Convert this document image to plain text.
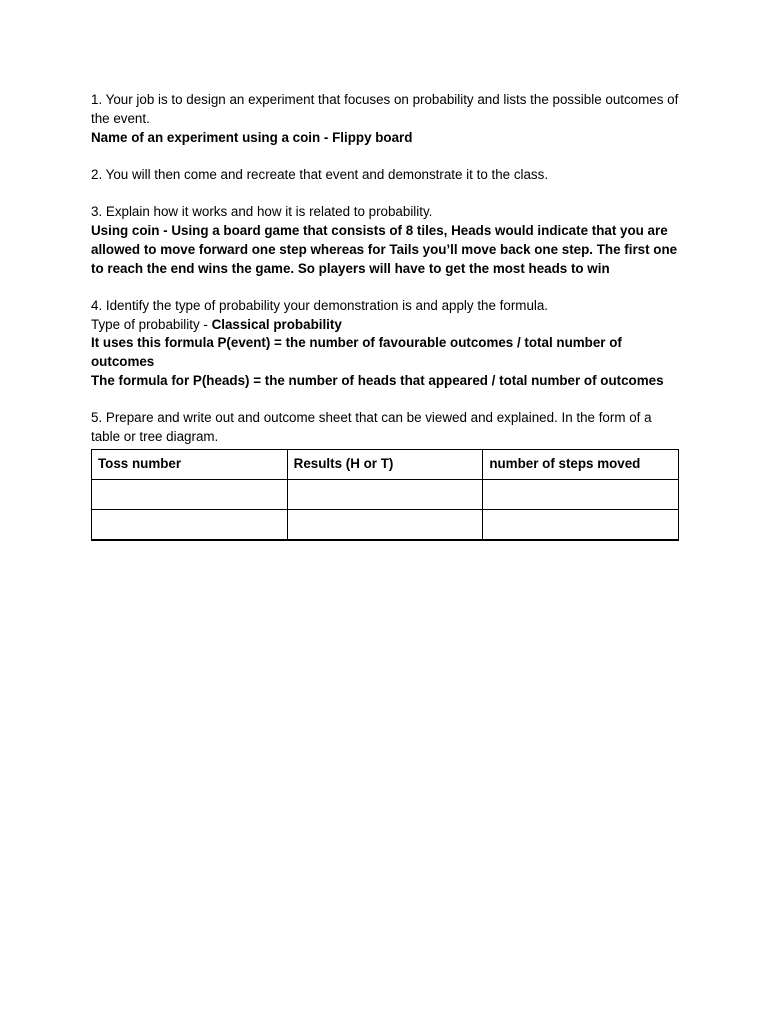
1. Your job is to design an experiment that focuses on probability and lists the possible outcomes of the event.

Name of an experiment using a coin - Flippy board

2. You will then come and recreate that event and demonstrate it to the class.

3. Explain how it works and how it is related to probability.

Using coin - Using a board game that consists of 8 tiles, Heads would indicate that you are allowed to move forward one step whereas for Tails you’ll move back one step. The first one to reach the end wins the game. So players will have to get the most heads to win

4. Identify the type of probability your demonstration is and apply the formula.

Type of probability - Classical probability

It uses this formula P(event) = the number of favourable outcomes / total number of outcomes

The formula for P(heads) = the number of heads that appeared / total number of outcomes

5. Prepare and write out and outcome sheet that can be viewed and explained. In the form of a table or tree diagram.

Toss number	Results (H or T)	number of steps moved
